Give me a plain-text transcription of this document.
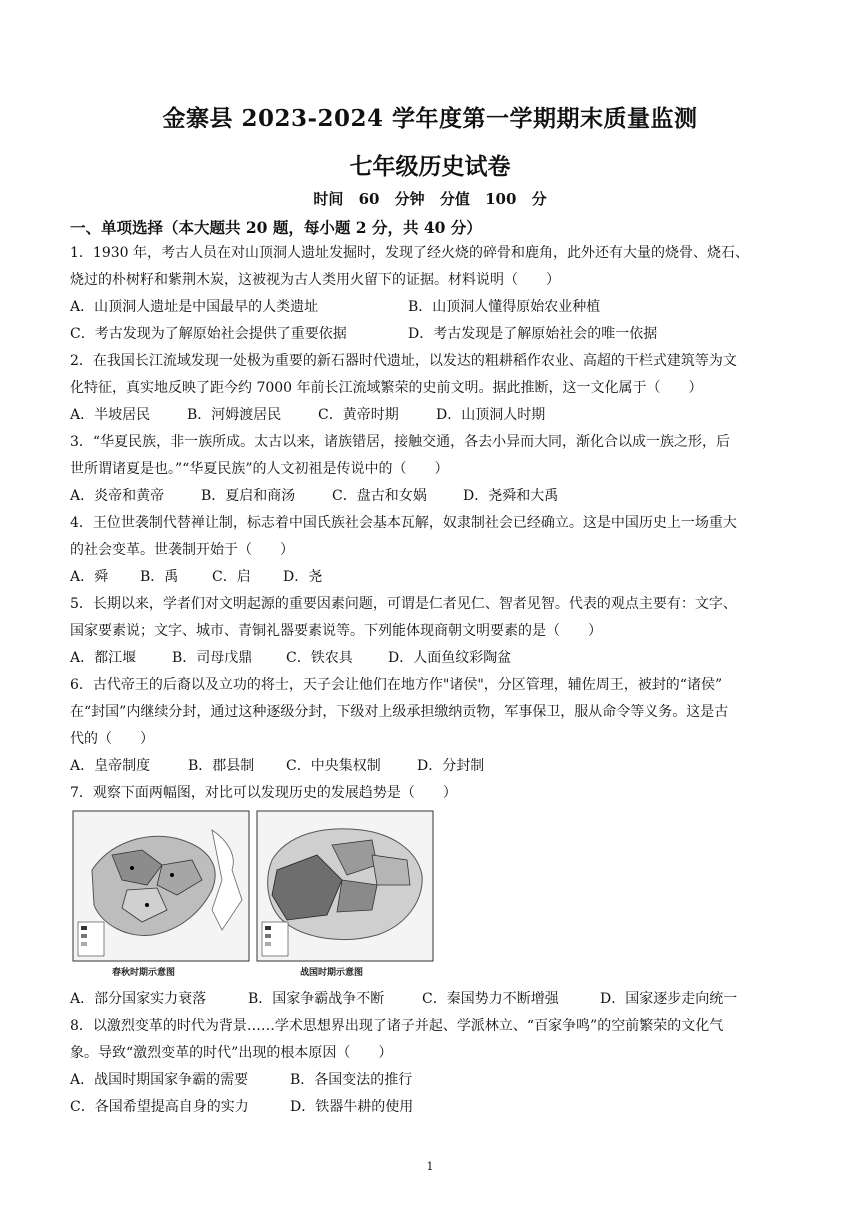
金寨县 2023-2024 学年度第一学期期末质量监测
七年级历史试卷
时间 60 分钟 分值 100 分
一、单项选择（本大题共 20 题，每小题 2 分，共 40 分）
1．1930 年，考古人员在对山顶洞人遗址发掘时，发现了经火烧的碎骨和鹿角，此外还有大量的烧骨、烧石、
烧过的朴树籽和紫荆木炭，这被视为古人类用火留下的证据。材料说明（　　）
A．山顶洞人遗址是中国最早的人类遗址	B．山顶洞人懂得原始农业种植
C．考古发现为了解原始社会提供了重要依据	D．考古发现是了解原始社会的唯一依据
2．在我国长江流域发现一处极为重要的新石器时代遗址，以发达的粗耕稻作农业、高超的干栏式建筑等为文
化特征，真实地反映了距今约 7000 年前长江流域繁荣的史前文明。据此推断，这一文化属于（　　）
A．半坡居民	B．河姆渡居民	C．黄帝时期	D．山顶洞人时期
3．“华夏民族，非一族所成。太古以来，诸族错居，接触交通，各去小异而大同，渐化合以成一族之形，后
世所谓诸夏是也。”“华夏民族”的人文初祖是传说中的（　　）
A．炎帝和黄帝	B．夏启和商汤	C．盘古和女娲	D．尧舜和大禹
4．王位世袭制代替禅让制，标志着中国氏族社会基本瓦解，奴隶制社会已经确立。这是中国历史上一场重大
的社会变革。世袭制开始于（　　）
A．舜	B．禹	C．启	D．尧
5．长期以来，学者们对文明起源的重要因素问题，可谓是仁者见仁、智者见智。代表的观点主要有：文字、
国家要素说；文字、城市、青铜礼器要素说等。下列能体现商朝文明要素的是（　　）
A．都江堰	B．司母戊鼎	C．铁农具	D．人面鱼纹彩陶盆
6．古代帝王的后裔以及立功的将士，天子会让他们在地方作"诸侯"，分区管理，辅佐周王，被封的“诸侯”
在“封国”内继续分封，通过这种逐级分封，下级对上级承担缴纳贡物，军事保卫，服从命令等义务。这是古
代的（　　）
A．皇帝制度	B．郡县制	C．中央集权制	D．分封制
7．观察下面两幅图，对比可以发现历史的发展趋势是（　　）
春秋时期示意图	战国时期示意图
A．部分国家实力衰落	B．国家争霸战争不断	C．秦国势力不断增强	D．国家逐步走向统一
8．以激烈变革的时代为背景……学术思想界出现了诸子并起、学派林立、“百家争鸣”的空前繁荣的文化气
象。导致“激烈变革的时代”出现的根本原因（　　）
A．战国时期国家争霸的需要	B．各国变法的推行
C．各国希望提高自身的实力	D．铁器牛耕的使用
1
